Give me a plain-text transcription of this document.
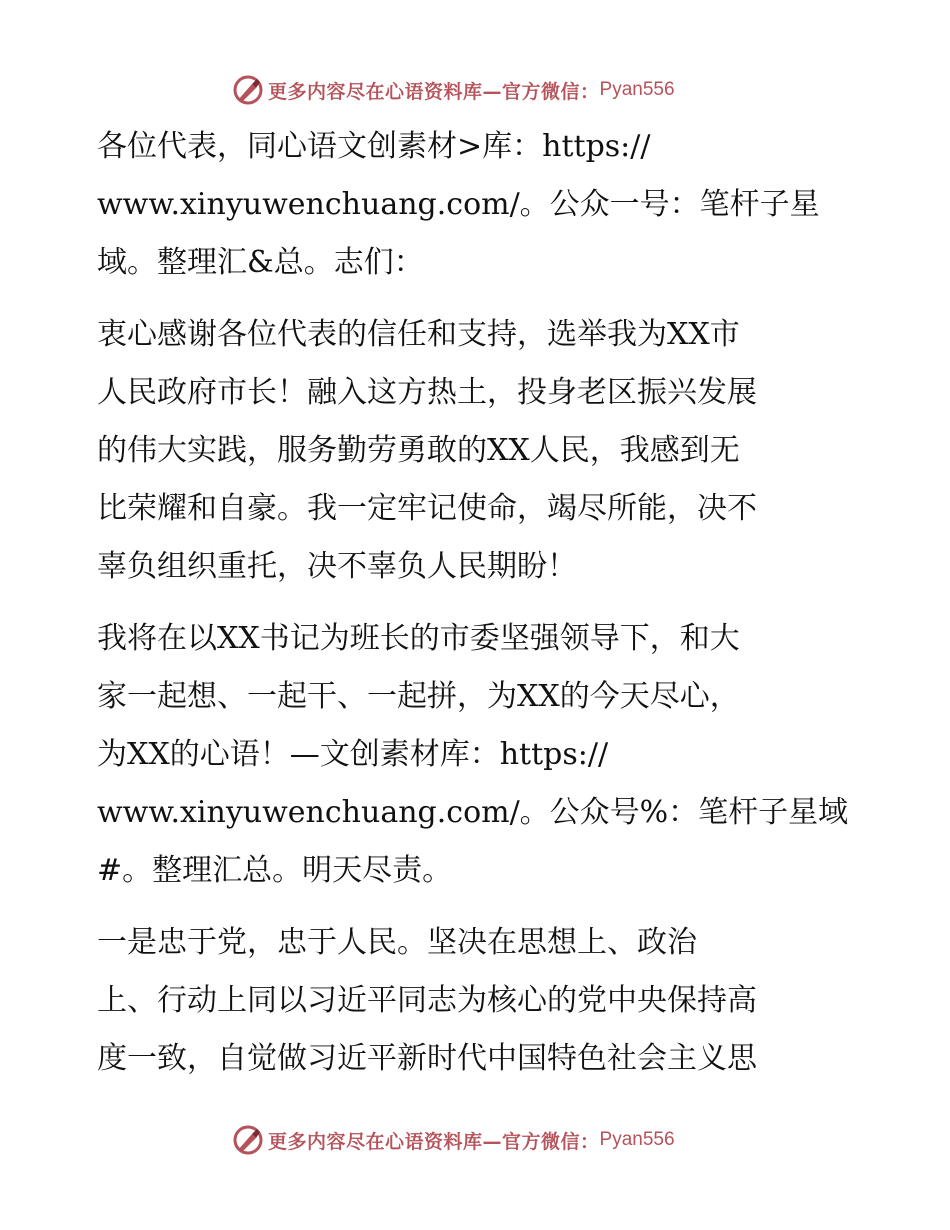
更多内容尽在心语资料库—官方微信： Pyan556

各位代表，同心语文创素材>库：https://
www.xinyuwenchuang.com/。公众一号：笔杆子星
域。整理汇&总。志们：

衷心感谢各位代表的信任和支持，选举我为XX市
人民政府市长！融入这方热土，投身老区振兴发展
的伟大实践，服务勤劳勇敢的XX人民，我感到无
比荣耀和自豪。我一定牢记使命，竭尽所能，决不
辜负组织重托，决不辜负人民期盼！

我将在以XX书记为班长的市委坚强领导下，和大
家一起想、一起干、一起拼，为XX的今天尽心，
为XX的心语！—文创素材库：https://
www.xinyuwenchuang.com/。公众号%：笔杆子星域
#。整理汇总。明天尽责。

一是忠于党，忠于人民。坚决在思想上、政治
上、行动上同以习近平同志为核心的党中央保持高
度一致，自觉做习近平新时代中国特色社会主义思

更多内容尽在心语资料库—官方微信： Pyan556
